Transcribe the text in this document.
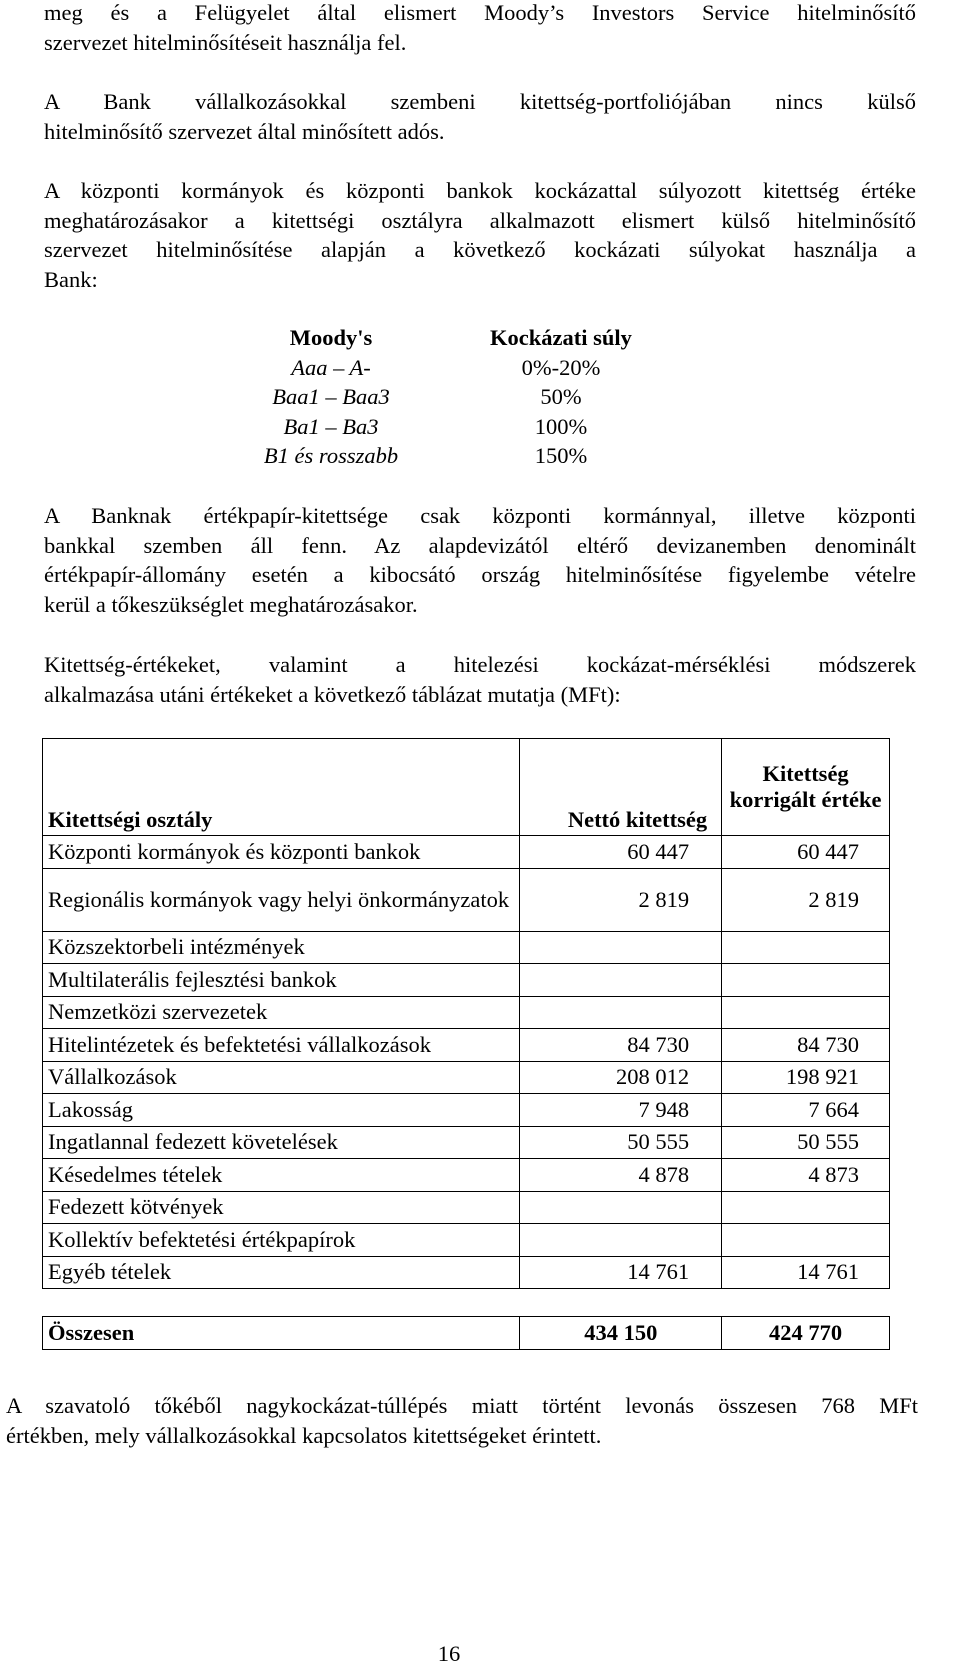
meg és a Felügyelet által elismert Moody’s Investors Service hitelminősítő
szervezet hitelminősítéseit használja fel.
A Bank vállalkozásokkal szembeni kitettség-portfoliójában nincs külső
hitelminősítő szervezet által minősített adós.
A központi kormányok és központi bankok kockázattal súlyozott kitettség értéke
meghatározásakor a kitettségi osztályra alkalmazott elismert külső hitelminősítő
szervezet hitelminősítése alapján a következő kockázati súlyokat használja a
Bank:
Moody's	Kockázati súly
Aaa – A-	0%-20%
Baa1 – Baa3	50%
Ba1 – Ba3	100%
B1 és rosszabb	150%
A Banknak értékpapír-kitettsége csak központi kormánnyal, illetve központi
bankkal szemben áll fenn. Az alapdevizától eltérő devizanemben denominált
értékpapír-állomány esetén a kibocsátó ország hitelminősítése figyelembe vételre
kerül a tőkeszükséglet meghatározásakor.
Kitettség-értékeket, valamint a hitelezési kockázat-mérséklési módszerek
alkalmazása utáni értékeket a következő táblázat mutatja (MFt):
Kitettségi osztály	Nettó kitettség	Kitettség korrigált értéke
Központi kormányok és központi bankok	60 447	60 447
Regionális kormányok vagy helyi önkormányzatok	2 819	2 819
Közszektorbeli intézmények		
Multilaterális fejlesztési bankok		
Nemzetközi szervezetek		
Hitelintézetek és befektetési vállalkozások	84 730	84 730
Vállalkozások	208 012	198 921
Lakosság	7 948	7 664
Ingatlannal fedezett követelések	50 555	50 555
Késedelmes tételek	4 878	4 873
Fedezett kötvények		
Kollektív befektetési értékpapírok		
Egyéb tételek	14 761	14 761

Összesen	434 150	424 770
A szavatoló tőkéből nagykockázat-túllépés miatt történt levonás összesen 768 MFt
értékben, mely vállalkozásokkal kapcsolatos kitettségeket érintett.
16
